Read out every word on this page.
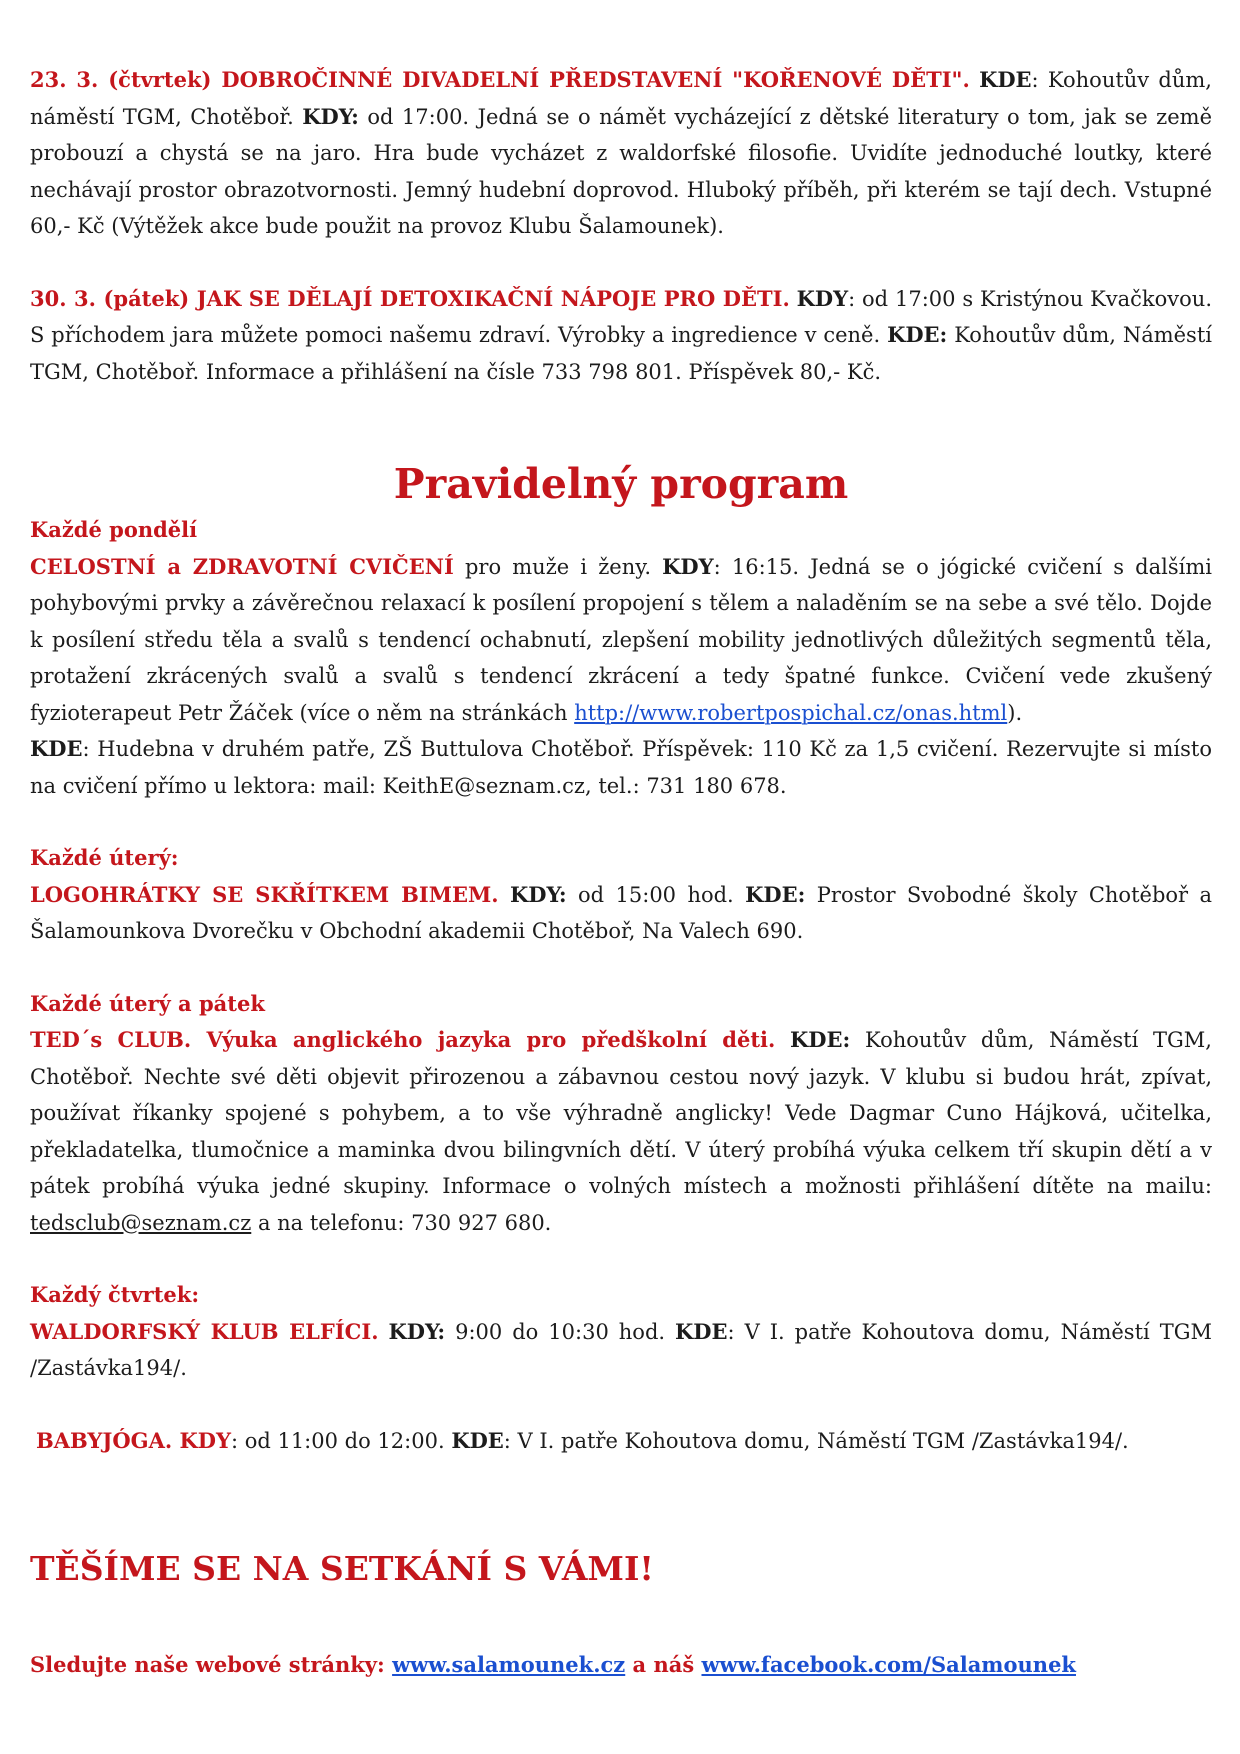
23. 3. (čtvrtek) DOBROČINNÉ DIVADELNÍ PŘEDSTAVENÍ "KOŘENOVÉ DĚTI". KDE: Kohoutův dům, náměstí TGM, Chotěboř. KDY: od 17:00. Jedná se o námět vycházející z dětské literatury o tom, jak se země probouzí a chystá se na jaro. Hra bude vycházet z waldorfské filosofie. Uvidíte jednoduché loutky, které nechávají prostor obrazotvornosti. Jemný hudební doprovod. Hluboký příběh, při kterém se tají dech. Vstupné 60,- Kč (Výtěžek akce bude použit na provoz Klubu Šalamounek).

30. 3. (pátek) JAK SE DĚLAJÍ DETOXIKAČNÍ NÁPOJE PRO DĚTI. KDY: od 17:00 s Kristýnou Kvačkovou. S příchodem jara můžete pomoci našemu zdraví. Výrobky a ingredience v ceně. KDE: Kohoutův dům, Náměstí TGM, Chotěboř. Informace a přihlášení na čísle 733 798 801. Příspěvek 80,- Kč.

Pravidelný program

Každé pondělí

CELOSTNÍ a ZDRAVOTNÍ CVIČENÍ pro muže i ženy. KDY: 16:15. Jedná se o jógické cvičení s dalšími pohybovými prvky a závěrečnou relaxací k posílení propojení s tělem a naladěním se na sebe a své tělo. Dojde k posílení středu těla a svalů s tendencí ochabnutí, zlepšení mobility jednotlivých důležitých segmentů těla, protažení zkrácených svalů a svalů s tendencí zkrácení a tedy špatné funkce. Cvičení vede zkušený fyzioterapeut Petr Žáček (více o něm na stránkách http://www.robertpospichal.cz/onas.html).

KDE: Hudebna v druhém patře, ZŠ Buttulova Chotěboř. Příspěvek: 110 Kč za 1,5 cvičení. Rezervujte si místo na cvičení přímo u lektora: mail: KeithE@seznam.cz, tel.: 731 180 678.

Každé úterý:

LOGOHRÁTKY SE SKŘÍTKEM BIMEM. KDY: od 15:00 hod. KDE: Prostor Svobodné školy Chotěboř a Šalamounkova Dvorečku v Obchodní akademii Chotěboř, Na Valech 690.

Každé úterý a pátek

TED´s CLUB. Výuka anglického jazyka pro předškolní děti. KDE: Kohoutův dům, Náměstí TGM, Chotěboř. Nechte své děti objevit přirozenou a zábavnou cestou nový jazyk. V klubu si budou hrát, zpívat, používat říkanky spojené s pohybem, a to vše výhradně anglicky! Vede Dagmar Cuno Hájková, učitelka, překladatelka, tlumočnice a maminka dvou bilingvních dětí. V úterý probíhá výuka celkem tří skupin dětí a v pátek probíhá výuka jedné skupiny. Informace o volných místech a možnosti přihlášení dítěte na mailu: tedsclub@seznam.cz a na telefonu: 730 927 680.

Každý čtvrtek:

WALDORFSKÝ KLUB ELFÍCI. KDY: 9:00 do 10:30 hod. KDE: V I. patře Kohoutova domu, Náměstí TGM /Zastávka194/.

BABYJÓGA. KDY: od 11:00 do 12:00. KDE: V I. patře Kohoutova domu, Náměstí TGM /Zastávka194/.

TĚŠÍME SE NA SETKÁNÍ S VÁMI!

Sledujte naše webové stránky: www.salamounek.cz a náš www.facebook.com/Salamounek
